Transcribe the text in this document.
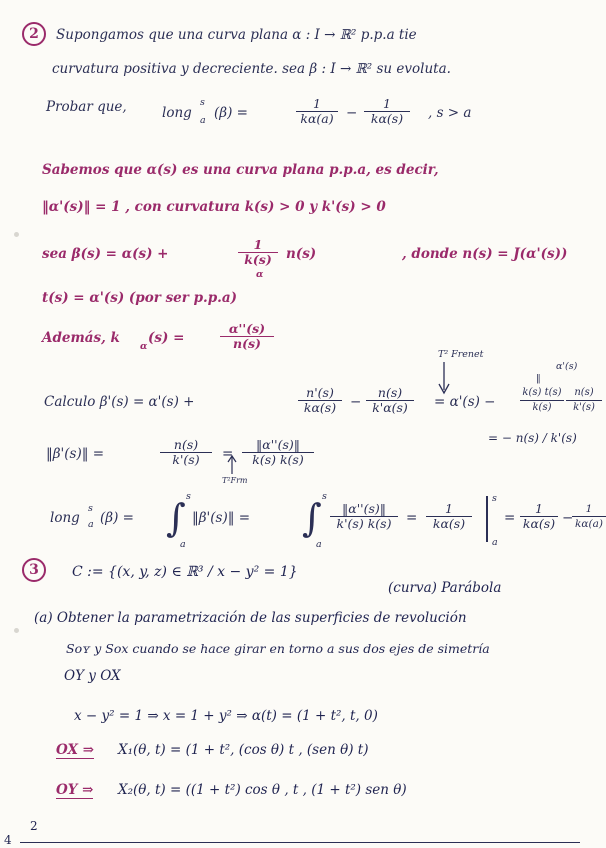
2	Supongamos que una curva plana α : I → ℝ² p.p.a tie
curvatura positiva y decreciente. sea β : I → ℝ² su evoluta.
Probar que,	long
s
a (β) =	$\frac{1}{k\alpha(a)} - \frac{1}{k\alpha(s)}$ , s > a
Sabemos que α(s) es una curva plana p.p.a, es decir,
‖α'(s)‖ = 1 , con curvatura k(s) > 0 y k'(s) > 0
sea β(s) = α(s) +	$\frac{1}{k(s)}$
α
n(s)	, donde n(s) = J(α'(s))
t(s) = α'(s) (por ser p.p.a)
Además, k
α
(s) =	$\frac{\alpha''(s)}{n(s)}$
T² Frenet
α'(s)
‖
Calculo β'(s) = α'(s) +	$\frac{n'(s)}{k\alpha(s)} - \frac{n(s)}{k'\alpha(s)} = \alpha'(s) - \frac{k(s) t(s)}{k(s)} \frac{n(s)}{k'(s)}$
= − n(s) / k'(s)
‖β'(s)‖ =	$\frac{n(s)}{k'(s)} = \frac{‖\alpha''(s)‖}{k(s) k(s)}$
T²Frm
long
s
a (β) = ∫ s
a
‖β'(s)‖ = ∫ s
a
$\frac{‖\alpha''(s)‖}{k'(s) k(s)} = \frac{1}{k\alpha(s)}$
s
a
= $\frac{1}{k\alpha(s)}$ −
$\frac{1}{k\alpha(a)}$
3	C := {(x, y, z) ∈ ℝ³ / x − y² = 1}
(curva) Parábola
(a) Obtener la parametrización de las superficies de revolución
Sᴏʏ y Sᴏx cuando se hace girar en torno a sus dos ejes de simetría
OY y OX
x − y² = 1 ⇒ x = 1 + y² ⇒ α(t) = (1 + t², t, 0)
OX ⇒ X₁(θ, t) = (1 + t², (cos θ) t , (sen θ) t)
OY ⇒ X₂(θ, t) = ((1 + t²) cos θ , t , (1 + t²) sen θ)
4
2
